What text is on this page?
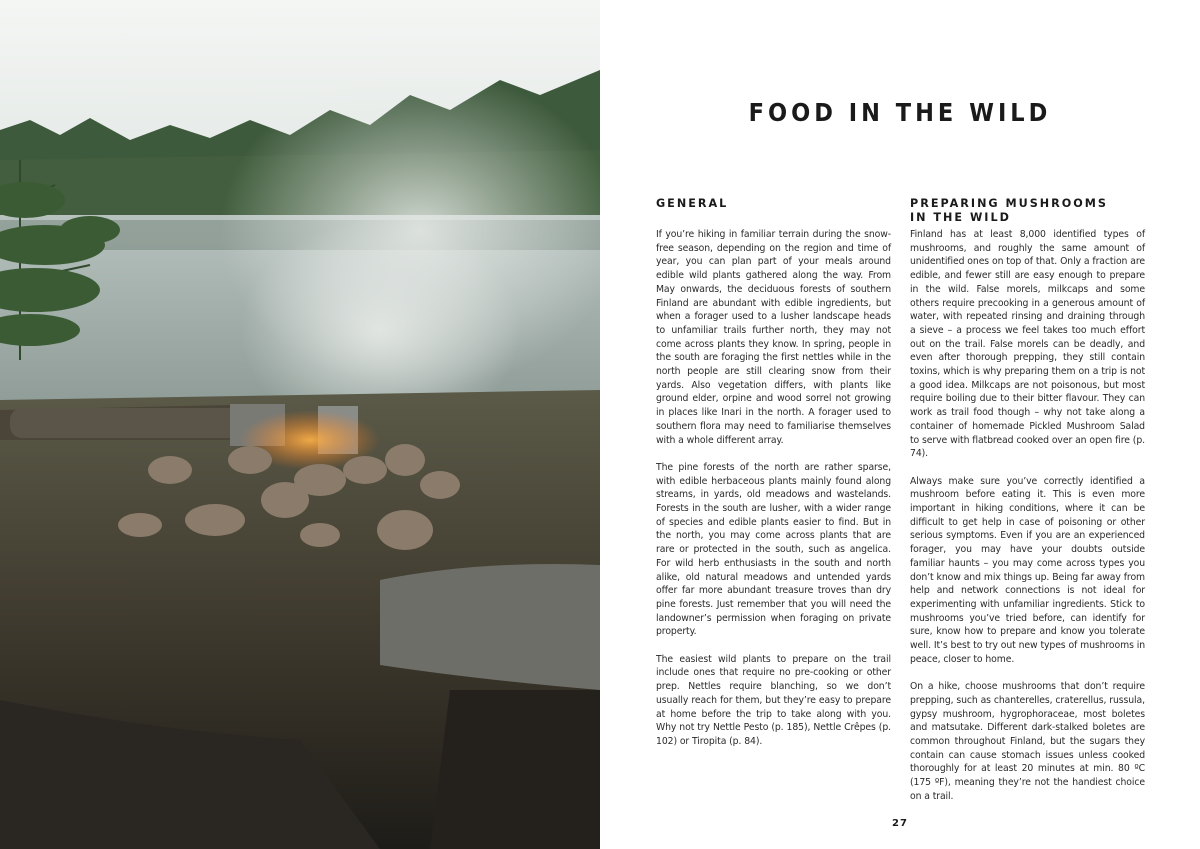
FOOD IN THE WILD
GENERAL

If you’re hiking in familiar terrain during the snow-free season, depending on the region and time of year, you can plan part of your meals around edible wild plants gathered along the way. From May onwards, the deciduous forests of southern Finland are abundant with edible ingredients, but when a forager used to a lusher landscape heads to unfamiliar trails further north, they may not come across plants they know. In spring, people in the south are foraging the first nettles while in the north people are still clearing snow from their yards. Also vegetation differs, with plants like ground elder, orpine and wood sorrel not growing in places like Inari in the north. A forager used to southern flora may need to familiarise themselves with a whole different array.

The pine forests of the north are rather sparse, with edible herbaceous plants mainly found along streams, in yards, old meadows and wastelands. Forests in the south are lusher, with a wider range of species and edible plants easier to find. But in the north, you may come across plants that are rare or protected in the south, such as angelica. For wild herb enthusiasts in the south and north alike, old natural meadows and untended yards offer far more abundant treasure troves than dry pine forests. Just remember that you will need the landowner’s permission when foraging on private property.

The easiest wild plants to prepare on the trail include ones that require no pre-cooking or other prep. Nettles require blanching, so we don’t usually reach for them, but they’re easy to prepare at home before the trip to take along with you. Why not try Nettle Pesto (p. 185), Nettle Crêpes (p. 102) or Tiropita (p. 84).

PREPARING MUSHROOMS
IN THE WILD

Finland has at least 8,000 identified types of mushrooms, and roughly the same amount of unidentified ones on top of that. Only a fraction are edible, and fewer still are easy enough to prepare in the wild. False morels, milkcaps and some others require precooking in a generous amount of water, with repeated rinsing and draining through a sieve – a process we feel takes too much effort out on the trail. False morels can be deadly, and even after thorough prepping, they still contain toxins, which is why preparing them on a trip is not a good idea. Milkcaps are not poisonous, but most require boiling due to their bitter flavour. They can work as trail food though – why not take along a container of homemade Pickled Mushroom Salad to serve with flatbread cooked over an open fire (p. 74).

Always make sure you’ve correctly identified a mushroom before eating it. This is even more important in hiking conditions, where it can be difficult to get help in case of poisoning or other serious symptoms. Even if you are an experienced forager, you may have your doubts outside familiar haunts – you may come across types you don’t know and mix things up. Being far away from help and network connections is not ideal for experimenting with unfamiliar ingredients. Stick to mushrooms you’ve tried before, can identify for sure, know how to prepare and know you tolerate well. It’s best to try out new types of mushrooms in peace, closer to home.

On a hike, choose mushrooms that don’t require prepping, such as chanterelles, craterellus, russula, gypsy mushroom, hygrophoraceae, most boletes and matsutake. Different dark-stalked boletes are common throughout Finland, but the sugars they contain can cause stomach issues unless cooked thoroughly for at least 20 minutes at min. 80 ºC (175 ºF), meaning they’re not the handiest choice on a trail.

27
